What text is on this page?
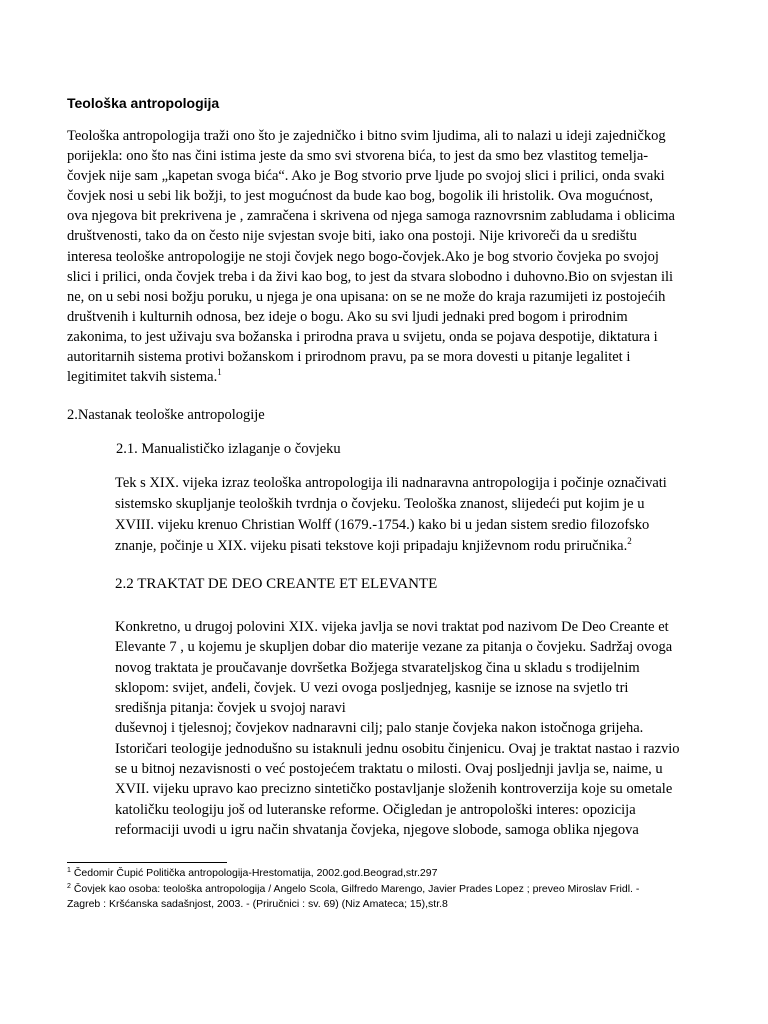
Teološka antropologija
Teološka antropologija traži ono što je zajedničko i bitno svim ljudima, ali to nalazi u ideji zajedničkog
porijekla: ono što nas čini istima jeste da smo svi stvorena bića, to jest da smo bez vlastitog temelja-
čovjek nije sam „kapetan svoga bića“. Ako je Bog stvorio prve ljude po svojoj slici i prilici, onda svaki
čovjek nosi u sebi lik božji, to jest mogućnost da bude kao bog, bogolik ili hristolik. Ova mogućnost,
ova njegova bit prekrivena je , zamračena i skrivena od njega samoga raznovrsnim zabludama i oblicima
društvenosti, tako da on često nije svjestan svoje biti, iako ona postoji. Nije krivoreči da u središtu
interesa teološke antropologije ne stoji čovjek nego bogo-čovjek.Ako je bog stvorio čovjeka po svojoj
slici i prilici, onda čovjek treba i da živi kao bog, to jest da stvara slobodno i duhovno.Bio on svjestan ili
ne, on u sebi nosi božju poruku, u njega je ona upisana: on se ne može do kraja razumijeti iz postojećih
društvenih i kulturnih odnosa, bez ideje o bogu. Ako su svi ljudi jednaki pred bogom i prirodnim
zakonima, to jest uživaju sva božanska i prirodna prava u svijetu, onda se pojava despotije, diktatura i
autoritarnih sistema protivi božanskom i prirodnom pravu, pa se mora dovesti u pitanje legalitet i
legitimitet takvih sistema.$^1$
2.Nastanak teološke antropologije
2.1. Manualističko izlaganje o čovjeku
Tek s XIX. vijeka izraz teološka antropologija ili nadnaravna antropologija i počinje označivati
sistemsko skupljanje teoloških tvrdnja o čovjeku. Teološka znanost, slijedeći put kojim je u
XVIII. vijeku krenuo Christian Wolff (1679.-1754.) kako bi u jedan sistem sredio filozofsko
znanje, počinje u XIX. vijeku pisati tekstove koji pripadaju književnom rodu priručnika.$^2$
2.2 TRAKTAT DE DEO CREANTE ET ELEVANTE
Konkretno, u drugoj polovini XIX. vijeka javlja se novi traktat pod nazivom De Deo Creante et
Elevante 7 , u kojemu je skupljen dobar dio materije vezane za pitanja o čovjeku. Sadržaj ovoga
novog traktata je proučavanje dovršetka Božjega stvarateljskog čina u skladu s trodijelnim
sklopom: svijet, anđeli, čovjek. U vezi ovoga posljednjeg, kasnije se iznose na svjetlo tri
središnja pitanja: čovjek u svojoj naravi
duševnoj i tjelesnoj; čovjekov nadnaravni cilj; palo stanje čovjeka nakon istočnoga grijeha.
Istoričari teologije jednodušno su istaknuli jednu osobitu činjenicu. Ovaj je traktat nastao i razvio
se u bitnoj nezavisnosti o već postojećem traktatu o milosti. Ovaj posljednji javlja se, naime, u
XVII. vijeku upravo kao precizno sintetičko postavljanje složenih kontroverzija koje su ometale
katoličku teologiju još od luteranske reforme. Očigledan je antropološki interes: opozicija
reformaciji uvodi u igru način shvatanja čovjeka, njegove slobode, samoga oblika njegova
$^1$ Čedomir Čupić Politička antropologija-Hrestomatija, 2002.god.Beograd,str.297
$^2$ Čovjek kao osoba: teološka antropologija / Angelo Scola, Gilfredo Marengo, Javier Prades Lopez ; preveo Miroslav Fridl. -
Zagreb : Kršćanska sadašnjost, 2003. - (Priručnici : sv. 69) (Niz Amateca; 15),str.8
